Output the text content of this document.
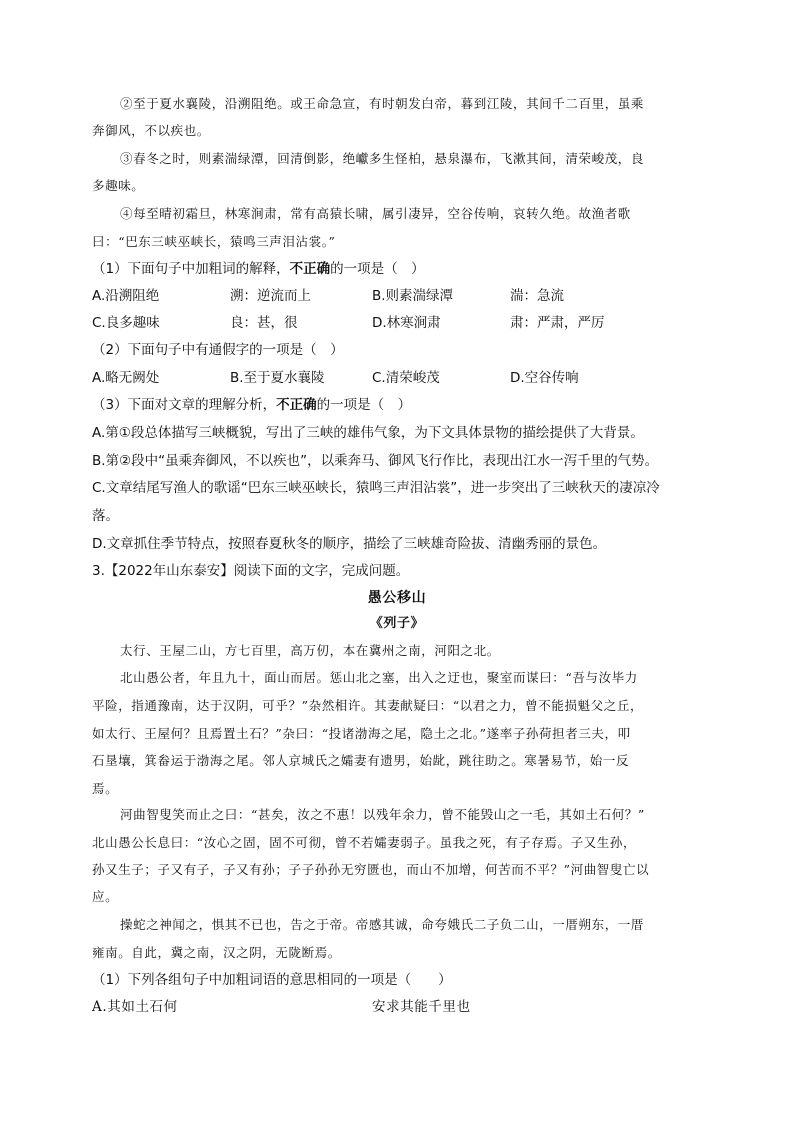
②至于夏水襄陵，沿溯阻绝。或王命急宣，有时朝发白帝，暮到江陵，其间千二百里，虽乘
奔御风，不以疾也。
③春冬之时，则素湍绿潭，回清倒影，绝巘多生怪柏，悬泉瀑布，飞漱其间，清荣峻茂，良
多趣味。
④每至晴初霜旦，林寒涧肃，常有高猿长啸，属引凄异，空谷传响，哀转久绝。故渔者歌
曰：“巴东三峡巫峡长，猿鸣三声泪沾裳。”
（1）下面句子中加粗词的解释，不正确的一项是（　）
A.沿溯阻绝	溯：逆流而上	B.则素湍绿潭	湍：急流
C.良多趣味	良：甚，很	D.林寒涧肃	肃：严肃，严厉
（2）下面句子中有通假字的一项是（　）
A.略无阙处	B.至于夏水襄陵	C.清荣峻茂	D.空谷传响
（3）下面对文章的理解分析，不正确的一项是（　）
A.第①段总体描写三峡概貌，写出了三峡的雄伟气象，为下文具体景物的描绘提供了大背景。
B.第②段中“虽乘奔御风，不以疾也”，以乘奔马、御风飞行作比，表现出江水一泻千里的气势。
C.文章结尾写渔人的歌谣“巴东三峡巫峡长，猿鸣三声泪沾裳”，进一步突出了三峡秋天的凄凉冷
落。
D.文章抓住季节特点，按照春夏秋冬的顺序，描绘了三峡雄奇险拔、清幽秀丽的景色。
3.【2022年山东泰安】阅读下面的文字，完成问题。
愚公移山
《列子》
太行、王屋二山，方七百里，高万仞，本在冀州之南，河阳之北。
北山愚公者，年且九十，面山而居。惩山北之塞，出入之迂也，聚室而谋曰：“吾与汝毕力
平险，指通豫南，达于汉阴，可乎？”杂然相许。其妻献疑曰：“以君之力，曾不能损魁父之丘，
如太行、王屋何？且焉置土石？”杂曰：“投诸渤海之尾，隐土之北。”遂率子孙荷担者三夫，叩
石垦壤，箕畚运于渤海之尾。邻人京城氏之孀妻有遗男，始龀，跳往助之。寒暑易节，始一反
焉。
河曲智叟笑而止之曰：“甚矣，汝之不惠！以残年余力，曾不能毁山之一毛，其如土石何？”
北山愚公长息曰：“汝心之固，固不可彻，曾不若孀妻弱子。虽我之死，有子存焉。子又生孙，
孙又生子；子又有子，子又有孙；子子孙孙无穷匮也，而山不加增，何苦而不平？”河曲智叟亡以
应。
操蛇之神闻之，惧其不已也，告之于帝。帝感其诚，命夸娥氏二子负二山，一厝朔东，一厝
雍南。自此，冀之南，汉之阴，无陇断焉。
（1）下列各组句子中加粗词语的意思相同的一项是（　　）
A.其如土石何	安求其能千里也
